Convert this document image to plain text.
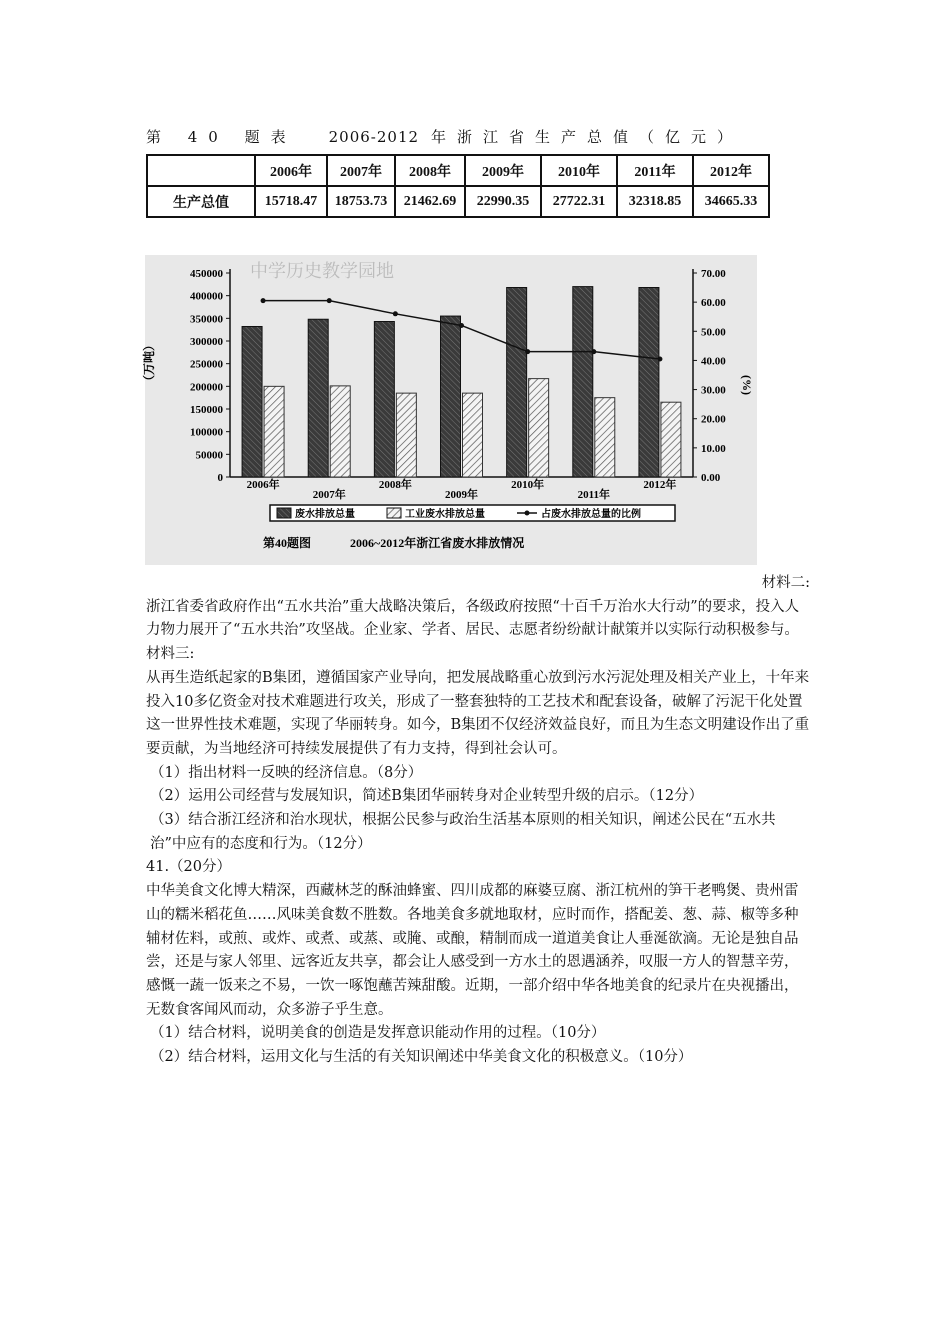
第 40 题表 2006-2012 年浙江省生产总值（亿元）
	2006年	2007年	2008年	2009年	2010年	2011年	2012年
生产总值	15718.47	18753.73	21462.69	22990.35	27722.31	32318.85	34665.33
中学历史教学园地
0
50000
100000
150000
200000
250000
300000
350000
400000
450000
0.00
10.00
20.00
30.00
40.00
50.00
60.00
70.00
2006年
2007年
2008年
2009年
2010年
2011年
2012年
（万吨）	(%)
废水排放总量	工业废水排放总量	占废水排放总量的比例
第40题图	2006~2012年浙江省废水排放情况

材料二:

浙江省委省政府作出“五水共治”重大战略决策后，各级政府按照“十百千万治水大行动”的要求，投入人力物力展开了“五水共治”攻坚战。企业家、学者、居民、志愿者纷纷献计献策并以实际行动积极参与。

材料三:

从再生造纸起家的B集团，遵循国家产业导向，把发展战略重心放到污水污泥处理及相关产业上，十年来投入10多亿资金对技术难题进行攻关，形成了一整套独特的工艺技术和配套设备，破解了污泥干化处置这一世界性技术难题，实现了华丽转身。如今，B集团不仅经济效益良好，而且为生态文明建设作出了重要贡献，为当地经济可持续发展提供了有力支持，得到社会认可。

（1）指出材料一反映的经济信息。（8分）

（2）运用公司经营与发展知识，简述B集团华丽转身对企业转型升级的启示。（12分）

（3）结合浙江经济和治水现状，根据公民参与政治生活基本原则的相关知识，阐述公民在“五水共治”中应有的态度和行为。（12分）

41.（20分）

中华美食文化博大精深，西藏林芝的酥油蜂蜜、四川成都的麻婆豆腐、浙江杭州的笋干老鸭煲、贵州雷山的糯米稻花鱼……风味美食数不胜数。各地美食多就地取材，应时而作，搭配姜、葱、蒜、椒等多种辅材佐料，或煎、或炸、或煮、或蒸、或腌、或酿，精制而成一道道美食让人垂涎欲滴。无论是独自品尝，还是与家人邻里、远客近友共享，都会让人感受到一方水土的恩遇涵养，叹服一方人的智慧辛劳，感慨一蔬一饭来之不易，一饮一啄饱蘸苦辣甜酸。近期，一部介绍中华各地美食的纪录片在央视播出，无数食客闻风而动，众多游子乎生意。

（1）结合材料，说明美食的创造是发挥意识能动作用的过程。（10分）

（2）结合材料，运用文化与生活的有关知识阐述中华美食文化的积极意义。（10分）
